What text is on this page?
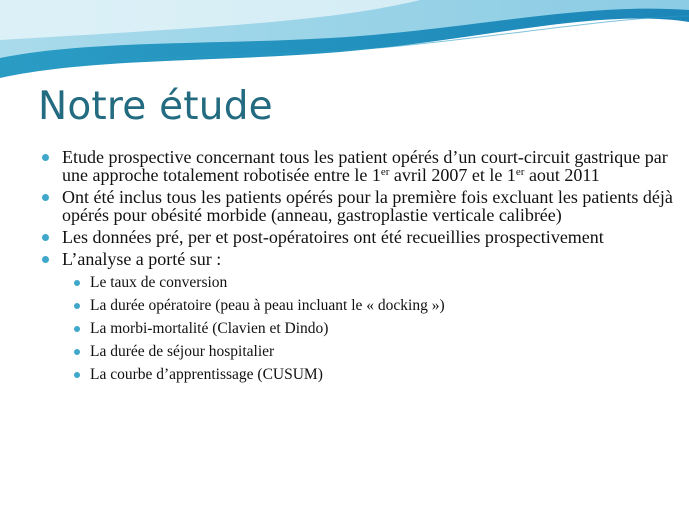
Notre étude
Etude prospective concernant tous les patient opérés d’un court-circuit gastrique par une approche totalement robotisée entre le 1er avril 2007 et le 1er aout 2011
Ont été inclus tous les patients opérés pour la première fois excluant les patients déjà opérés pour obésité morbide (anneau, gastroplastie verticale calibrée)
Les données pré, per et post-opératoires ont été recueillies prospectivement
L’analyse a porté sur :
Le taux de conversion
La durée opératoire (peau à peau incluant le « docking »)
La morbi-mortalité (Clavien et Dindo)
La durée de séjour hospitalier
La courbe d’apprentissage (CUSUM)
